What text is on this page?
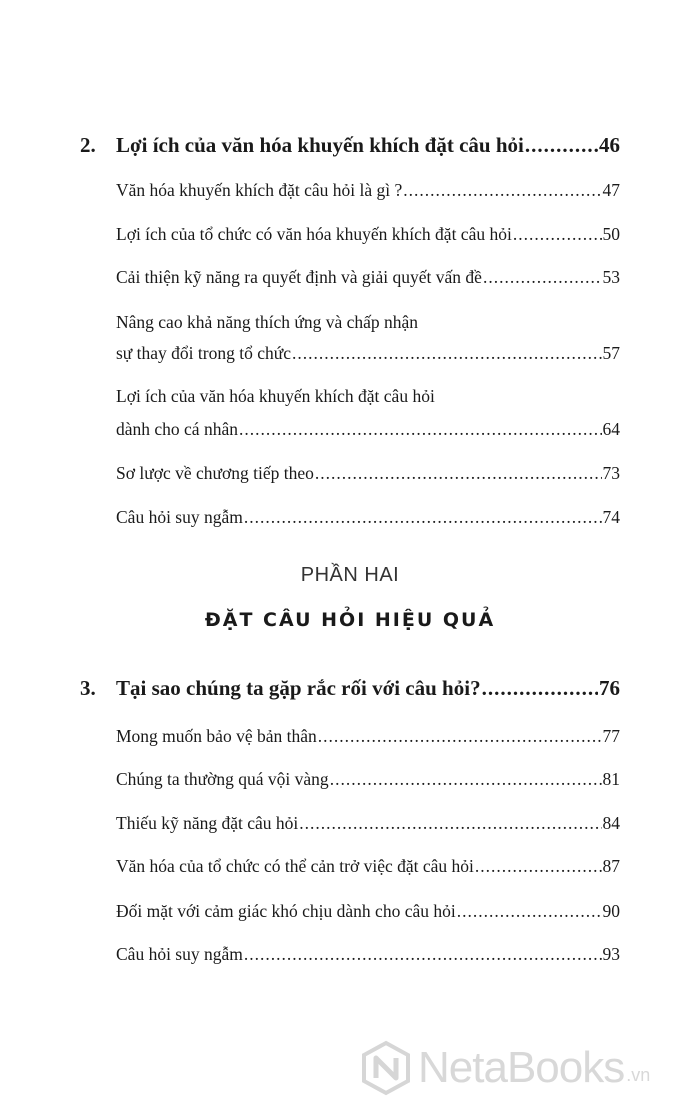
2. Lợi ích của văn hóa khuyến khích đặt câu hỏi .....	46
Văn hóa khuyến khích đặt câu hỏi là gì ? .....	47
Lợi ích của tổ chức có văn hóa khuyến khích đặt câu hỏi .....	50
Cải thiện kỹ năng ra quyết định và giải quyết vấn đề .....	53
Nâng cao khả năng thích ứng và chấp nhận
sự thay đổi trong tổ chức .....	57
Lợi ích của văn hóa khuyến khích đặt câu hỏi
dành cho cá nhân .....	64
Sơ lược về chương tiếp theo .....	73
Câu hỏi suy ngẫm .....	74
PHẦN HAI
ĐẶT CÂU HỎI HIỆU QUẢ
3. Tại sao chúng ta gặp rắc rối với câu hỏi? .....	76
Mong muốn bảo vệ bản thân .....	77
Chúng ta thường quá vội vàng .....	81
Thiếu kỹ năng đặt câu hỏi .....	84
Văn hóa của tổ chức có thể cản trở việc đặt câu hỏi .....	87
Đối mặt với cảm giác khó chịu dành cho câu hỏi .....	90
Câu hỏi suy ngẫm .....	93
NetaBooks .vn
